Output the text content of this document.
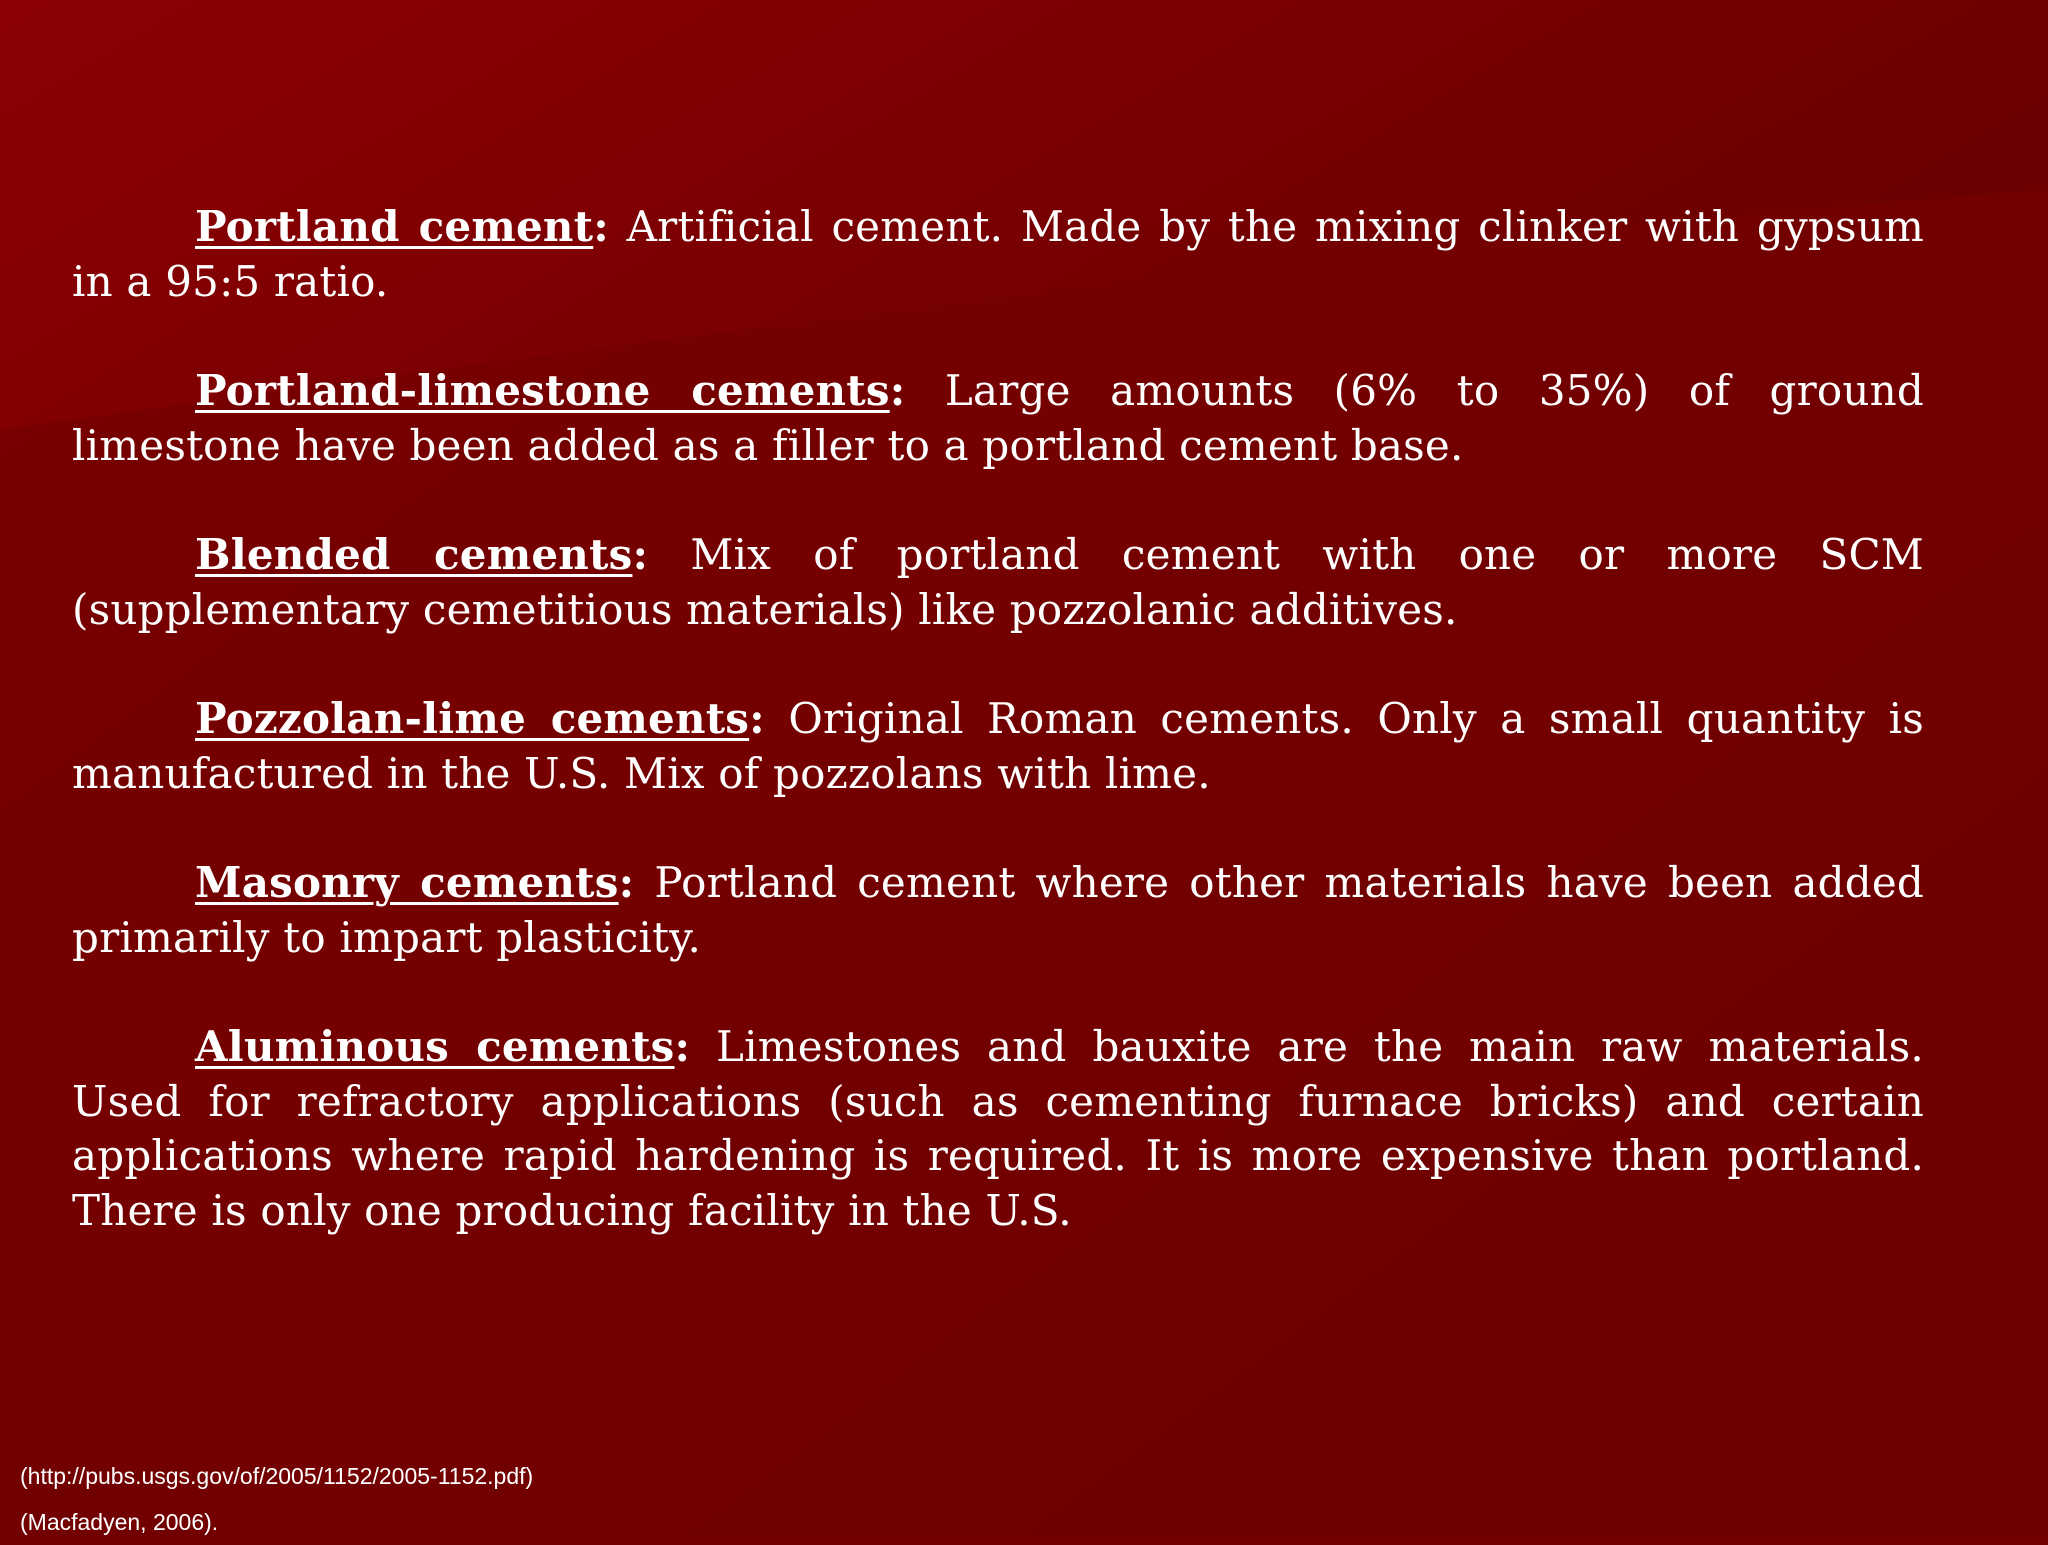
Portland cement: Artificial cement. Made by the mixing clinker with gypsum in a 95:5 ratio.

Portland-limestone cements: Large amounts (6% to 35%) of ground limestone have been added as a filler to a portland cement base.

Blended cements: Mix of portland cement with one or more SCM (supplementary cemetitious materials) like pozzolanic additives.

Pozzolan-lime cements: Original Roman cements. Only a small quantity is manufactured in the U.S. Mix of pozzolans with lime.

Masonry cements: Portland cement where other materials have been added primarily to impart plasticity.

Aluminous cements: Limestones and bauxite are the main raw materials. Used for refractory applications (such as cementing furnace bricks) and certain applications where rapid hardening is required. It is more expensive than portland. There is only one producing facility in the U.S.

(http://pubs.usgs.gov/of/2005/1152/2005-1152.pdf)
(Macfadyen, 2006).
